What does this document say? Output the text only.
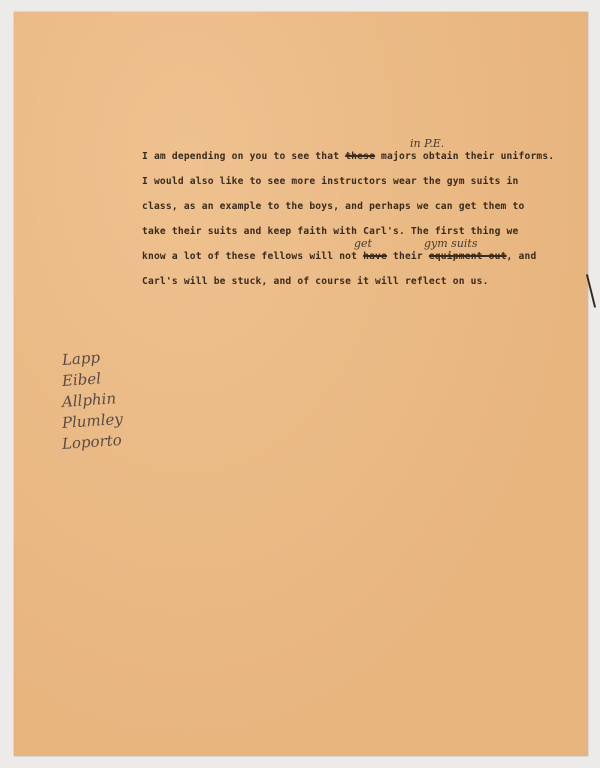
I am depending on you to see that these majors obtain their uniforms.
in P.E.
I would also like to see more instructors wear the gym suits in
class, as an example to the boys, and perhaps we can get them to
take their suits and keep faith with Carl's. The first thing we
know a lot of these fellows will not have their equipment out, and
get	gym suits
Carl's will be stuck, and of course it will reflect on us.
Lapp
Eibel
Allphin
Plumley
Loporto
